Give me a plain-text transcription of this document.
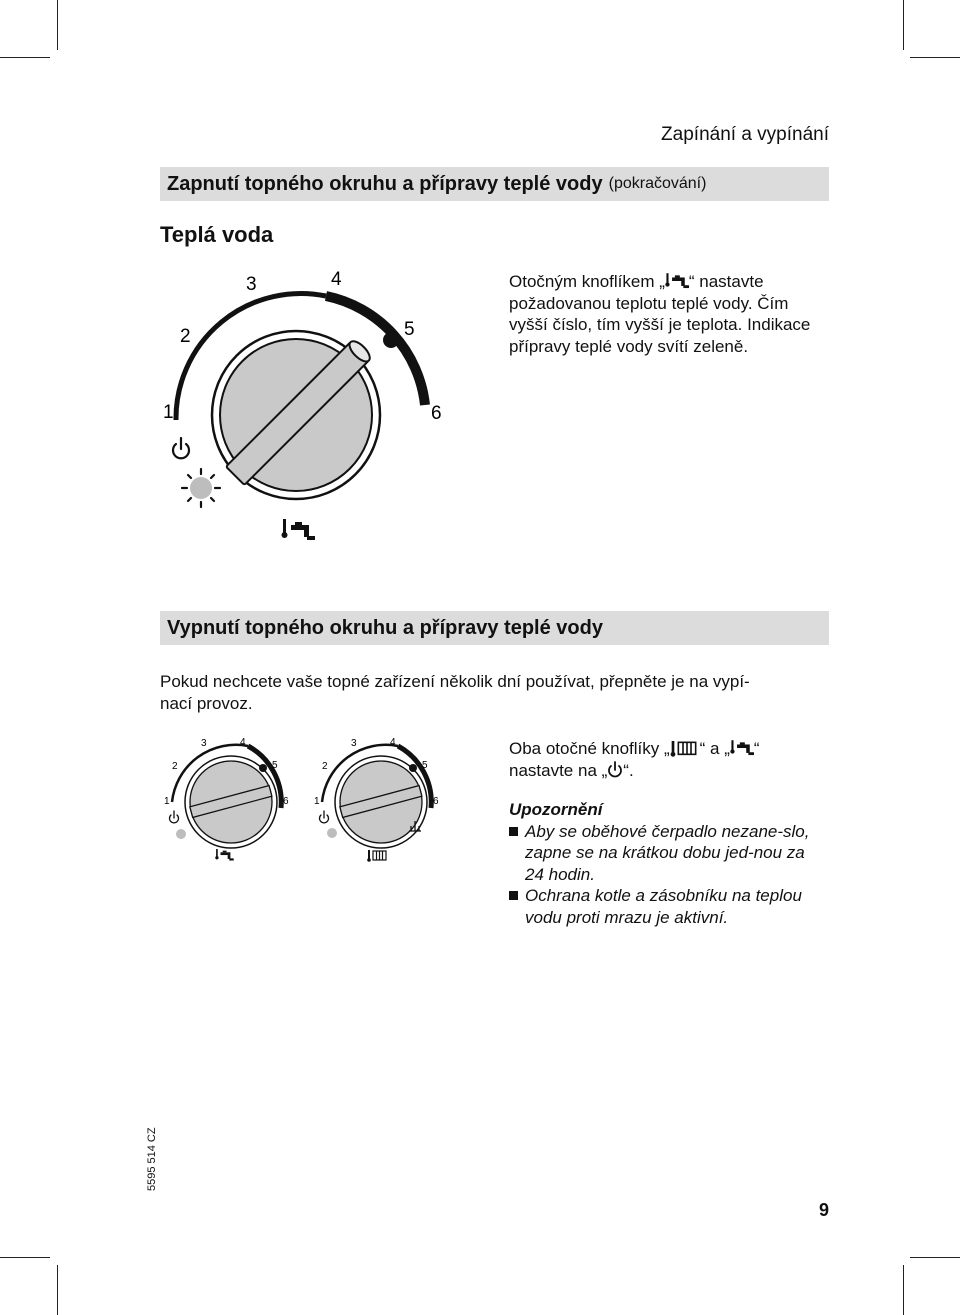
Zapínání a vypínání
Zapnutí topného okruhu a přípravy teplé vody (pokračování)
Teplá voda
1
2
3	4
5
6
Otočným knoflíkem „ “ nastavte požadovanou teplotu teplé vody. Čím vyšší číslo, tím vyšší je teplota. Indikace přípravy teplé vody svítí zeleně.
Vypnutí topného okruhu a přípravy teplé vody
Pokud nechcete vaše topné zařízení několik dní používat, přepněte je na vypí-
nací provoz.
1
2
3	4
5
6	1
2
3	4
5
6
Oba otočné knoflíky „ “ a „ “
nastavte na „ “.
Upozornění
Aby se oběhové čerpadlo nezane-slo, zapne se na krátkou dobu jed-nou za 24 hodin.
Ochrana kotle a zásobníku na teplou vodu proti mrazu je aktivní.
5595 514 CZ
9
